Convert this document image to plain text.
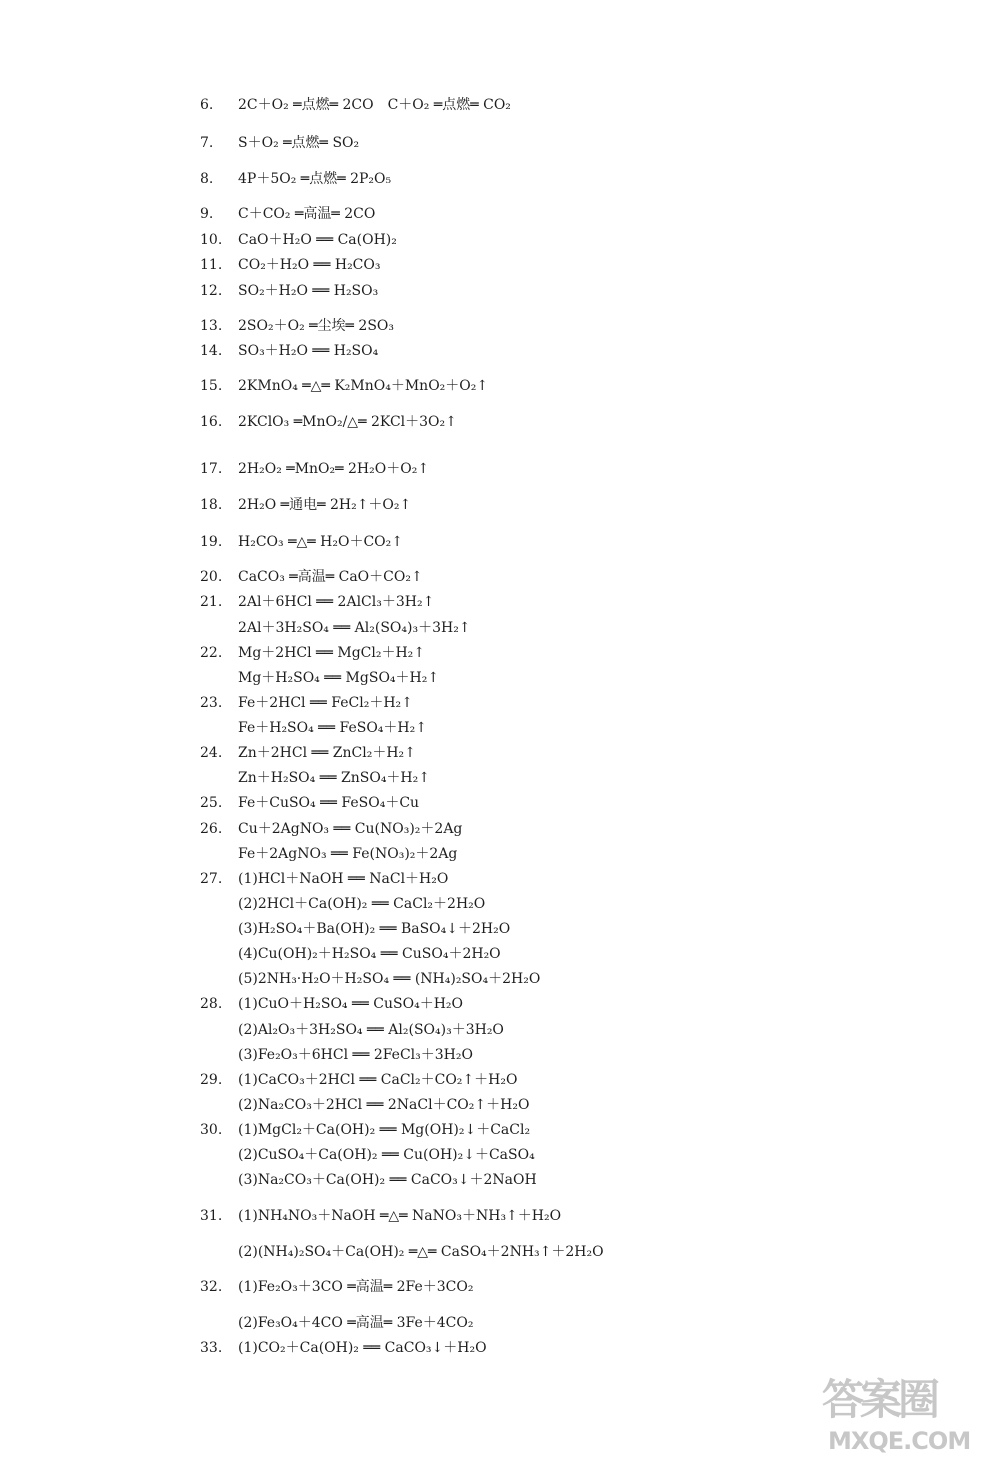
6. 2C＋O₂ ═点燃═ 2CO　C＋O₂ ═点燃═ CO₂
7. S＋O₂ ═点燃═ SO₂
8. 4P＋5O₂ ═点燃═ 2P₂O₅
9. C＋CO₂ ═高温═ 2CO
10. CaO＋H₂O ══ Ca(OH)₂
11. CO₂＋H₂O ══ H₂CO₃
12. SO₂＋H₂O ══ H₂SO₃
13. 2SO₂＋O₂ ═尘埃═ 2SO₃
14. SO₃＋H₂O ══ H₂SO₄
15. 2KMnO₄ ═△═ K₂MnO₄＋MnO₂＋O₂↑
16. 2KClO₃ ═MnO₂/△═ 2KCl＋3O₂↑
17. 2H₂O₂ ═MnO₂═ 2H₂O＋O₂↑
18. 2H₂O ═通电═ 2H₂↑＋O₂↑
19. H₂CO₃ ═△═ H₂O＋CO₂↑
20. CaCO₃ ═高温═ CaO＋CO₂↑
21. 2Al＋6HCl ══ 2AlCl₃＋3H₂↑
2Al＋3H₂SO₄ ══ Al₂(SO₄)₃＋3H₂↑
22. Mg＋2HCl ══ MgCl₂＋H₂↑
Mg＋H₂SO₄ ══ MgSO₄＋H₂↑
23. Fe＋2HCl ══ FeCl₂＋H₂↑
Fe＋H₂SO₄ ══ FeSO₄＋H₂↑
24. Zn＋2HCl ══ ZnCl₂＋H₂↑
Zn＋H₂SO₄ ══ ZnSO₄＋H₂↑
25. Fe＋CuSO₄ ══ FeSO₄＋Cu
26. Cu＋2AgNO₃ ══ Cu(NO₃)₂＋2Ag
Fe＋2AgNO₃ ══ Fe(NO₃)₂＋2Ag
27. (1)HCl＋NaOH ══ NaCl＋H₂O
(2)2HCl＋Ca(OH)₂ ══ CaCl₂＋2H₂O
(3)H₂SO₄＋Ba(OH)₂ ══ BaSO₄↓＋2H₂O
(4)Cu(OH)₂＋H₂SO₄ ══ CuSO₄＋2H₂O
(5)2NH₃·H₂O＋H₂SO₄ ══ (NH₄)₂SO₄＋2H₂O
28. (1)CuO＋H₂SO₄ ══ CuSO₄＋H₂O
(2)Al₂O₃＋3H₂SO₄ ══ Al₂(SO₄)₃＋3H₂O
(3)Fe₂O₃＋6HCl ══ 2FeCl₃＋3H₂O
29. (1)CaCO₃＋2HCl ══ CaCl₂＋CO₂↑＋H₂O
(2)Na₂CO₃＋2HCl ══ 2NaCl＋CO₂↑＋H₂O
30. (1)MgCl₂＋Ca(OH)₂ ══ Mg(OH)₂↓＋CaCl₂
(2)CuSO₄＋Ca(OH)₂ ══ Cu(OH)₂↓＋CaSO₄
(3)Na₂CO₃＋Ca(OH)₂ ══ CaCO₃↓＋2NaOH
31. (1)NH₄NO₃＋NaOH ═△═ NaNO₃＋NH₃↑＋H₂O
(2)(NH₄)₂SO₄＋Ca(OH)₂ ═△═ CaSO₄＋2NH₃↑＋2H₂O
32. (1)Fe₂O₃＋3CO ═高温═ 2Fe＋3CO₂
(2)Fe₃O₄＋4CO ═高温═ 3Fe＋4CO₂
33. (1)CO₂＋Ca(OH)₂ ══ CaCO₃↓＋H₂O
答案圈
MXQE.COM
